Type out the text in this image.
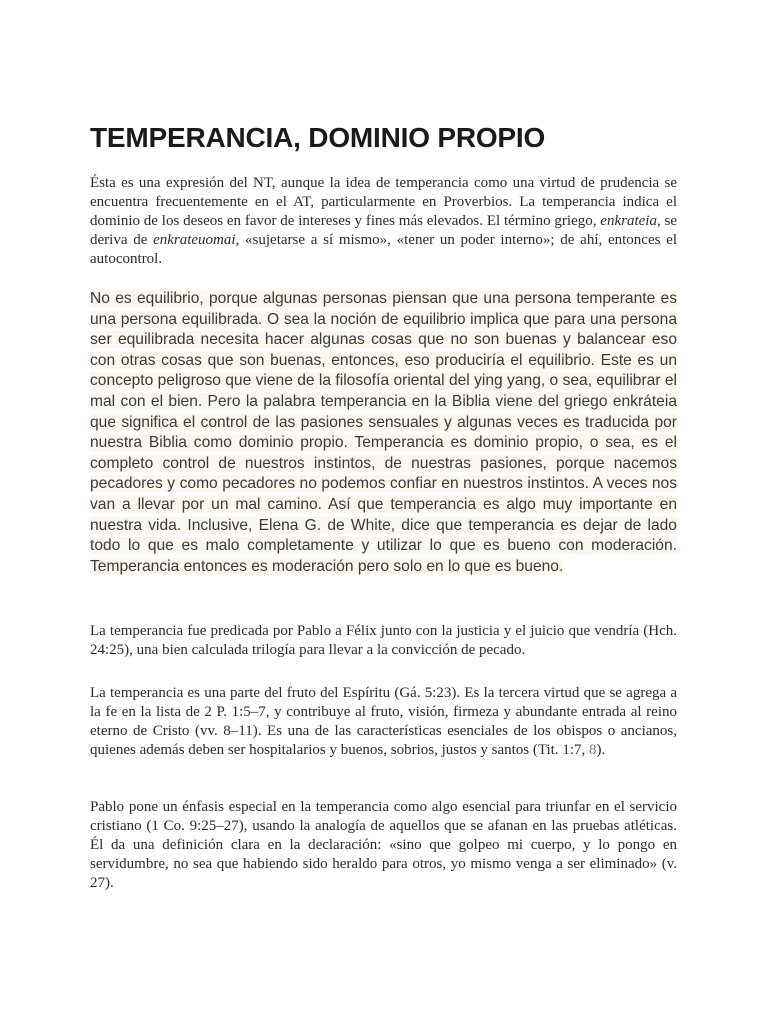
TEMPERANCIA, DOMINIO PROPIO

Ésta es una expresión del NT, aunque la idea de temperancia como una virtud de prudencia se encuentra frecuentemente en el AT, particularmente en Proverbios. La temperancia indica el dominio de los deseos en favor de intereses y fines más elevados. El término griego, enkrateia, se deriva de enkrateuomai, «sujetarse a sí mismo», «tener un poder interno»; de ahí, entonces el autocontrol.

No es equilibrio, porque algunas personas piensan que una persona temperante es una persona equilibrada. O sea la noción de equilibrio implica que para una persona ser equilibrada necesita hacer algunas cosas que no son buenas y balancear eso con otras cosas que son buenas, entonces, eso produciría el equilibrio. Este es un concepto peligroso que viene de la filosofía oriental del ying yang, o sea, equilibrar el mal con el bien. Pero la palabra temperancia en la Biblia viene del griego enkráteia que significa el control de las pasiones sensuales y algunas veces es traducida por nuestra Biblia como dominio propio. Temperancia es dominio propio, o sea, es el completo control de nuestros instintos, de nuestras pasiones, porque nacemos pecadores y como pecadores no podemos confiar en nuestros instintos. A veces nos van a llevar por un mal camino. Así que temperancia es algo muy importante en nuestra vida. Inclusive, Elena G. de White, dice que temperancia es dejar de lado todo lo que es malo completamente y utilizar lo que es bueno con moderación. Temperancia entonces es moderación pero solo en lo que es bueno.

La temperancia fue predicada por Pablo a Félix junto con la justicia y el juicio que vendría (Hch. 24:25), una bien calculada trilogía para llevar a la convicción de pecado.

La temperancia es una parte del fruto del Espíritu (Gá. 5:23). Es la tercera virtud que se agrega a la fe en la lista de 2 P. 1:5–7, y contribuye al fruto, visión, firmeza y abundante entrada al reino eterno de Cristo (vv. 8–11). Es una de las características esenciales de los obispos o ancianos, quienes además deben ser hospitalarios y buenos, sobrios, justos y santos (Tit. 1:7, 8).

Pablo pone un énfasis especial en la temperancia como algo esencial para triunfar en el servicio cristiano (1 Co. 9:25–27), usando la analogía de aquellos que se afanan en las pruebas atléticas. Él da una definición clara en la declaración: «sino que golpeo mi cuerpo, y lo pongo en servidumbre, no sea que habiendo sido heraldo para otros, yo mismo venga a ser eliminado» (v. 27).
